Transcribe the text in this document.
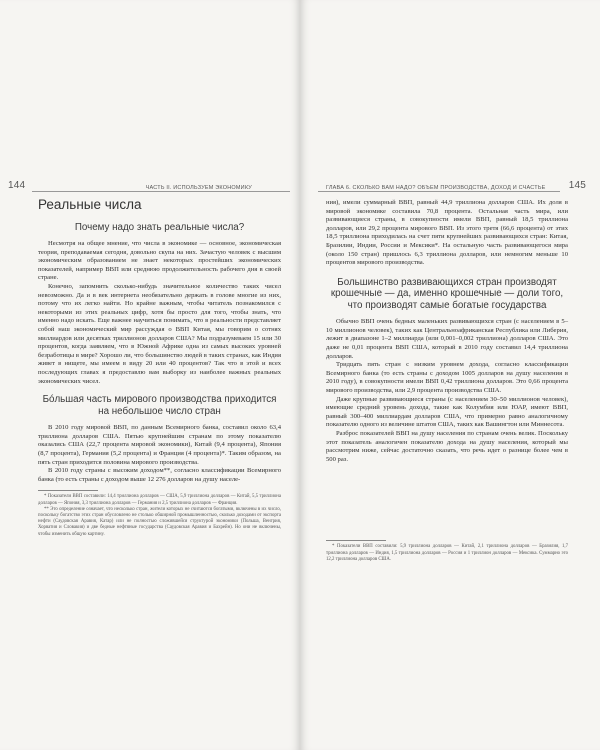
144	ЧАСТЬ II. ИСПОЛЬЗУЕМ ЭКОНОМИКУ
Реальные числа
Почему надо знать реальные числа?

Несмотря на общее мнение, что числа в экономике — основное, экономическая теория, преподаваемая сегодня, довольно скупа на них. Зачастую человек с высшим экономическим образованием не знает некоторых простейших экономических показателей, например ВВП или среднюю продолжительность рабочего дня в своей стране.

Конечно, запомнить сколько-нибудь значительное количество таких чисел невозможно. Да и в век интернета необязательно держать в голове многие из них, потому что их легко найти. Но крайне важным, чтобы читатель познакомился с некоторыми из этих реальных цифр, хотя бы просто для того, чтобы знать, что именно надо искать. Еще важнее научиться понимать, что в реальности представляет собой наш экономический мир рассуждая о ВВП Китая, мы говорим о сотнях миллиардов или десятках триллионов долларов США? Мы подразумеваем 15 или 30 процентов, когда заявляем, что в Южной Африке одна из самых высоких уровней безработицы в мире? Хорошо ли, что большинство людей в таких странах, как Индия живет в нищете, мы имеем в виду 20 или 40 процентов? Так что в этой и всех последующих главах я предоставлю вам выборку из наиболее важных реальных экономических чисел.

Бóльшая часть мирового производства приходится на небольшое число стран

В 2010 году мировой ВВП, по данным Всемирного банка, составил около 63,4 триллиона долларов США. Пятью крупнейшим странам по этому показателю оказались США (22,7 процента мировой экономики), Китай (9,4 процента), Япония (8,7 процента), Германия (5,2 процента) и Франция (4 процента)*. Таким образом, на пять стран приходится половина мирового производства.

В 2010 году страны с высоким доходом**, согласно классификации Всемирного банка (то есть страны с доходом выше 12 276 долларов на душу населе-

* Показатели ВВП составили: 14,4 триллиона долларов — США, 5,9 триллиона долларов — Китай, 5,5 триллиона долларов — Япония, 3,3 триллиона долларов — Германия и 2,5 триллиона долларов — Франция.

** Это определение означает, что несколько стран, жители которых не считаются богатыми, включены в их число, поскольку богатство этих стран обусловлено не столько обширной промышленностью, сколько доходами от экспорта нефти (Саудовская Аравия, Катар) или не полностью сложившейся структурой экономики (Польша, Венгрия, Хорватия и Словакия) и две бедные нефтяные государства (Саудовская Аравия и Бахрейн). Но они не включены, чтобы изменить общую картину.

ГЛАВА 6. СКОЛЬКО ВАМ НАДО? ОБЪЕМ ПРОИЗВОДСТВА, ДОХОД И СЧАСТЬЕ 145

ния), имели суммарный ВВП, равный 44,9 триллиона долларов США. Их доля в мировой экономике составила 70,8 процента. Остальная часть мира, или развивающиеся страны, в совокупности имели ВВП, равный 18,5 триллиона долларов, или 29,2 процента мирового ВВП. Из этого третя (66,6 процента) от этих 18,5 триллиона приходилась на счет пяти крупнейших развивающихся стран: Китая, Бразилии, Индии, России и Мексики*. На остальную часть развивающегося мира (около 150 стран) пришлось 6,3 триллиона долларов, или немногим меньше 10 процентов мирового производства.

Большинство развивающихся стран производят крошечные — да, именно крошечные — доли того, что производят самые богатые государства

Обычно ВВП очень бедных маленьких развивающихся стран (с населением в 5–10 миллионов человек), таких как Центральноафриканская Республика или Либерия, лежит в диапазоне 1–2 миллиарда (или 0,001–0,002 триллиона) долларов США. Это даже не 0,01 процента ВВП США, который в 2010 году составил 14,4 триллиона долларов.

Тридцать пять стран с низким уровнем дохода, согласно классификации Всемирного банка (то есть страны с доходом 1005 долларов на душу населения в 2010 году), в совокупности имели ВВП 0,42 триллиона долларов. Это 0,66 процента мирового производства, или 2,9 процента производства США.

Даже крупные развивающиеся страны (с населением 30–50 миллионов человек), имеющие средний уровень дохода, такие как Колумбия или ЮАР, имеют ВВП, равный 300–400 миллиардам долларов США, что примерно равно аналогичному показателю одного из величине штатов США, таких как Вашингтон или Миннесота.

Разброс показателей ВВП на душу населения по странам очень велик. Поскольку этот показатель аналогичен показателю дохода на душу населения, который мы рассмотрим ниже, сейчас достаточно сказать, что речь идет о разнице более чем в 500 раз.

* Показатели ВВП составили: 5,9 триллиона долларов — Китай, 2,1 триллиона долларов — Бразилия, 1,7 триллиона долларов — Индия, 1,5 триллиона долларов — Россия и 1 триллион долларов — Мексика. Суммарно это 12,2 триллиона долларов США.
